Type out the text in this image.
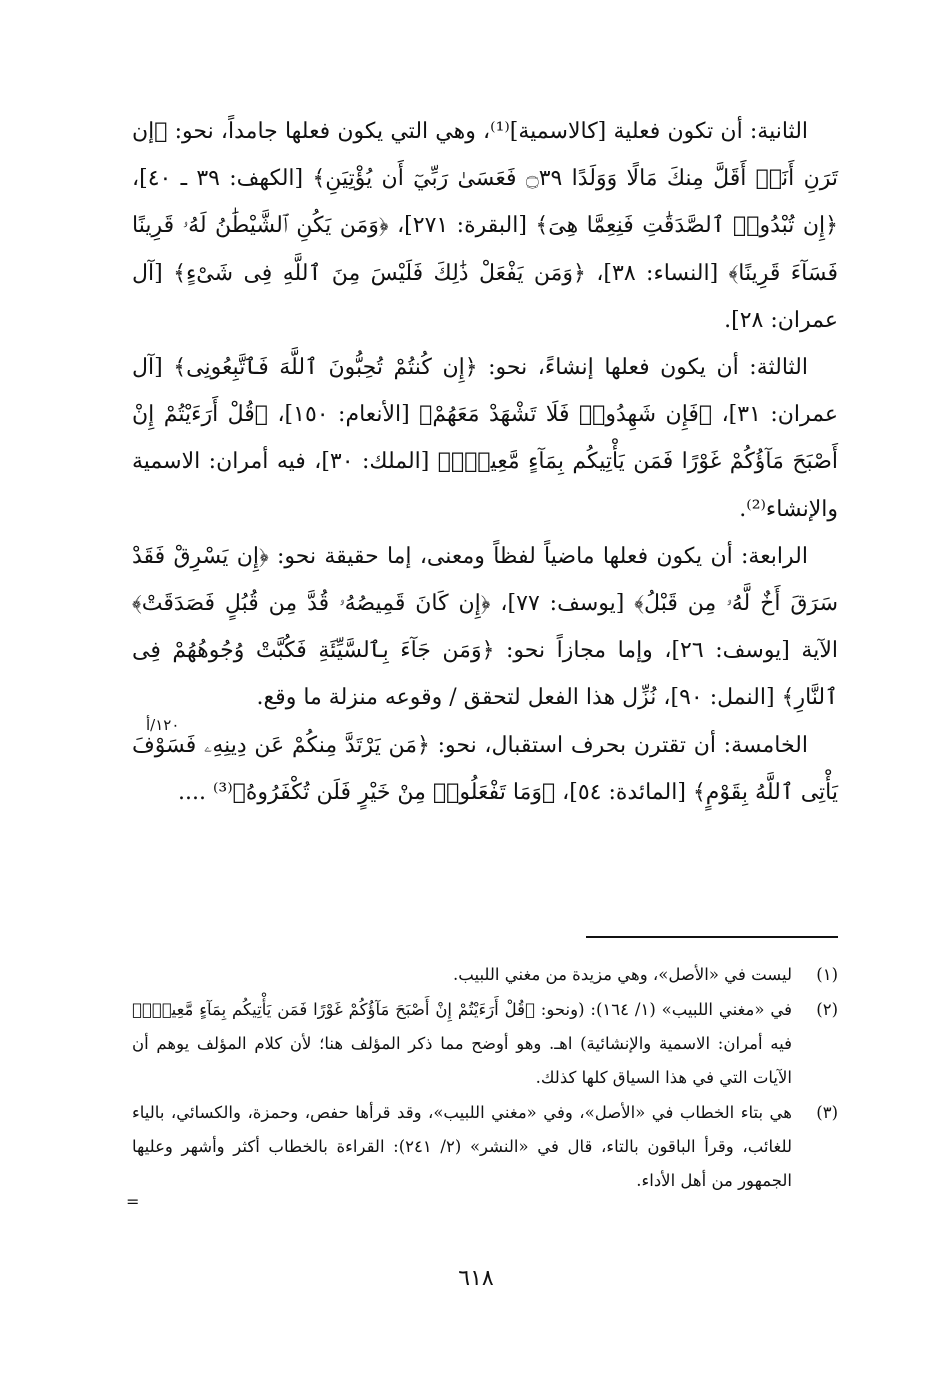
الثانية: أن تكون فعلية [كالاسمية]⁽¹⁾، وهي التي يكون فعلها جامداً، نحو: ﴿إن تَرَنِ أَنَا۠ أَقَلَّ مِنكَ مَالًا وَوَلَدًا ۝٣٩ فَعَسَىٰ رَبِّيٓ أَن يُؤْتِيَنِ﴾ [الكهف: ٣٩ ـ ٤٠]، ﴿إِن تُبْدُوا۟ ٱلصَّدَقَٰتِ فَنِعِمَّا هِىَ﴾ [البقرة: ٢٧١]، ﴿وَمَن يَكُنِ ٱلشَّيْطَٰنُ لَهُۥ قَرِينًا فَسَآءَ قَرِينًا﴾ [النساء: ٣٨]، ﴿وَمَن يَفْعَلْ ذَٰلِكَ فَلَيْسَ مِنَ ٱللَّهِ فِى شَىْءٍ﴾ [آل عمران: ٢٨].

الثالثة: أن يكون فعلها إنشاءً، نحو: ﴿إِن كُنتُمْ تُحِبُّونَ ٱللَّهَ فَٱتَّبِعُونِى﴾ [آل عمران: ٣١]، ﴿فَإِن شَهِدُوا۟ فَلَا تَشْهَدْ مَعَهُمْ﴾ [الأنعام: ١٥٠]، ﴿قُلْ أَرَءَيْتُمْ إِنْ أَصْبَحَ مَآؤُكُمْ غَوْرًا فَمَن يَأْتِيكُم بِمَآءٍ مَّعِينٍۭ﴾ [الملك: ٣٠]، فيه أمران: الاسمية والإنشاء⁽²⁾.

الرابعة: أن يكون فعلها ماضياً لفظاً ومعنى، إما حقيقة نحو: ﴿إِن يَسْرِقْ فَقَدْ سَرَقَ أَخٌ لَّهُۥ مِن قَبْلُ﴾ [يوسف: ٧٧]، ﴿إِن كَانَ قَمِيصُهُۥ قُدَّ مِن قُبُلٍ فَصَدَقَتْ﴾ الآية [يوسف: ٢٦]، وإما مجازاً نحو: ﴿وَمَن جَآءَ بِٱلسَّيِّئَةِ فَكُبَّتْ وُجُوهُهُمْ فِى ٱلنَّارِ﴾ [النمل: ٩٠]، نُزِّل هذا الفعل لتحقق / وقوعه منزلة ما وقع.

الخامسة: أن تقترن بحرف استقبال، نحو: ﴿مَن يَرْتَدَّ مِنكُمْ عَن دِينِهِۦ فَسَوْفَ يَأْتِى ٱللَّهُ بِقَوْمٍ﴾ [المائدة: ٥٤]، ﴿وَمَا تَفْعَلُوا۟ مِنْ خَيْرٍ فَلَن تُكْفَرُوهُ﴾⁽³⁾ ....

١٢٠/أ
(١)
ليست في «الأصل»، وهي مزيدة من مغني اللبيب.
(٢)
في «مغني اللبيب» (١/ ١٦٤): (ونحو: ﴿قُلْ أَرَءَيْتُمْ إِنْ أَصْبَحَ مَآؤُكُمْ غَوْرًا فَمَن يَأْتِيكُم بِمَآءٍ مَّعِينٍۭ﴾ فيه أمران: الاسمية والإنشائية) اهـ. وهو أوضح مما ذكر المؤلف هنا؛ لأن كلام المؤلف يوهم أن الآيات التي في هذا السياق كلها كذلك.
(٣)
هي بتاء الخطاب في «الأصل»، وفي «مغني اللبيب»، وقد قرأها حفص، وحمزة، والكسائي، بالياء للغائب، وقرأ الباقون بالتاء، قال في «النشر» (٢/ ٢٤١): القراءة بالخطاب أكثر وأشهر وعليها الجمهور من أهل الأداء.
=
٦١٨
